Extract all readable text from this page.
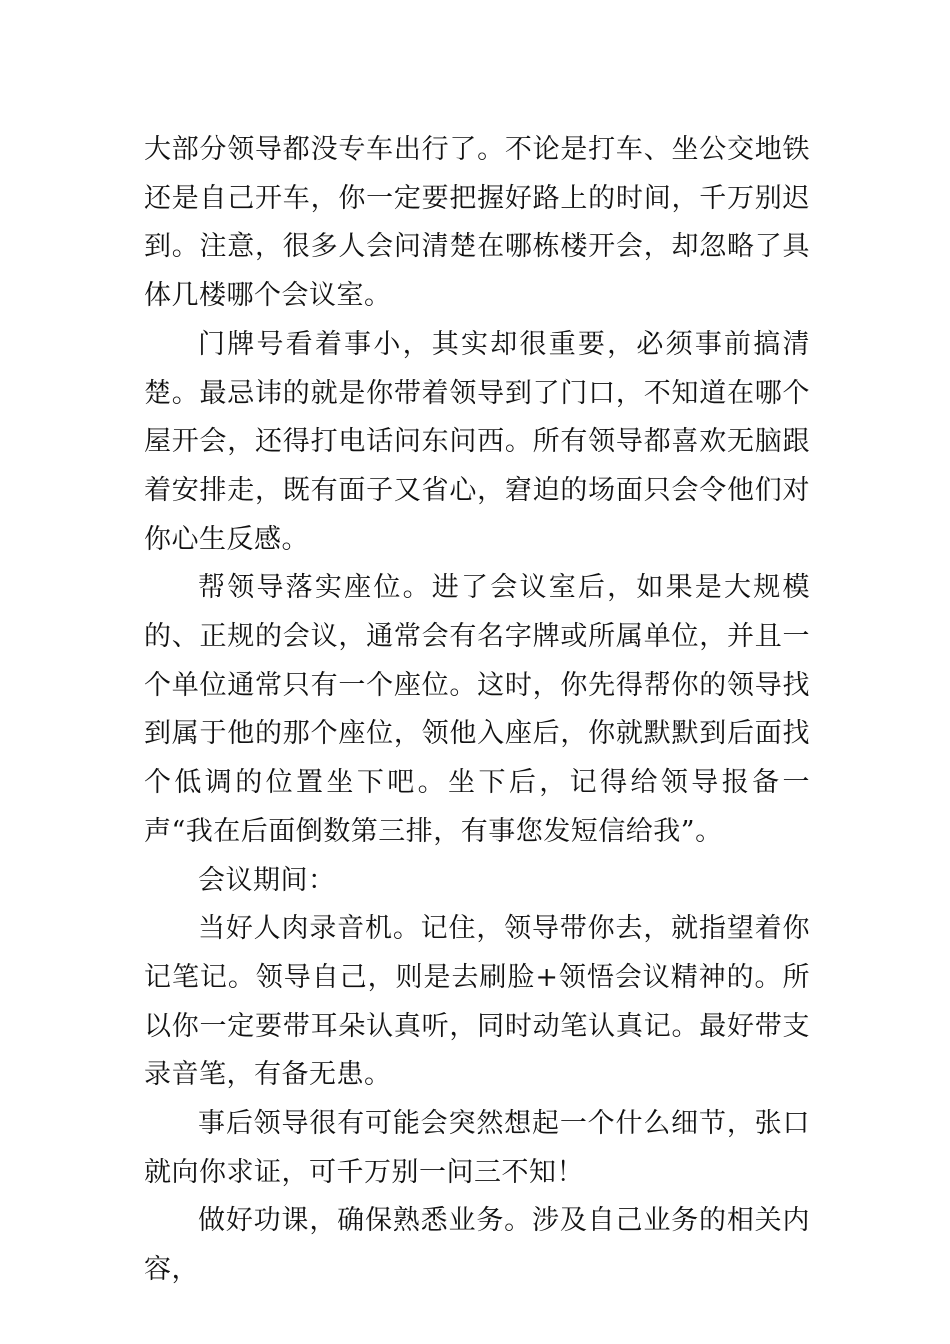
大部分领导都没专车出行了。不论是打车、坐公交地铁还是自己开车，你一定要把握好路上的时间，千万别迟到。注意，很多人会问清楚在哪栋楼开会，却忽略了具体几楼哪个会议室。

门牌号看着事小，其实却很重要，必须事前搞清楚。最忌讳的就是你带着领导到了门口，不知道在哪个屋开会，还得打电话问东问西。所有领导都喜欢无脑跟着安排走，既有面子又省心，窘迫的场面只会令他们对你心生反感。

帮领导落实座位。进了会议室后，如果是大规模的、正规的会议，通常会有名字牌或所属单位，并且一个单位通常只有一个座位。这时，你先得帮你的领导找到属于他的那个座位，领他入座后，你就默默到后面找个低调的位置坐下吧。坐下后，记得给领导报备一声“我在后面倒数第三排，有事您发短信给我”。

会议期间：

当好人肉录音机。记住，领导带你去，就指望着你记笔记。领导自己，则是去刷脸+领悟会议精神的。所以你一定要带耳朵认真听，同时动笔认真记。最好带支录音笔，有备无患。

事后领导很有可能会突然想起一个什么细节，张口就向你求证，可千万别一问三不知！

做好功课，确保熟悉业务。涉及自己业务的相关内容，
